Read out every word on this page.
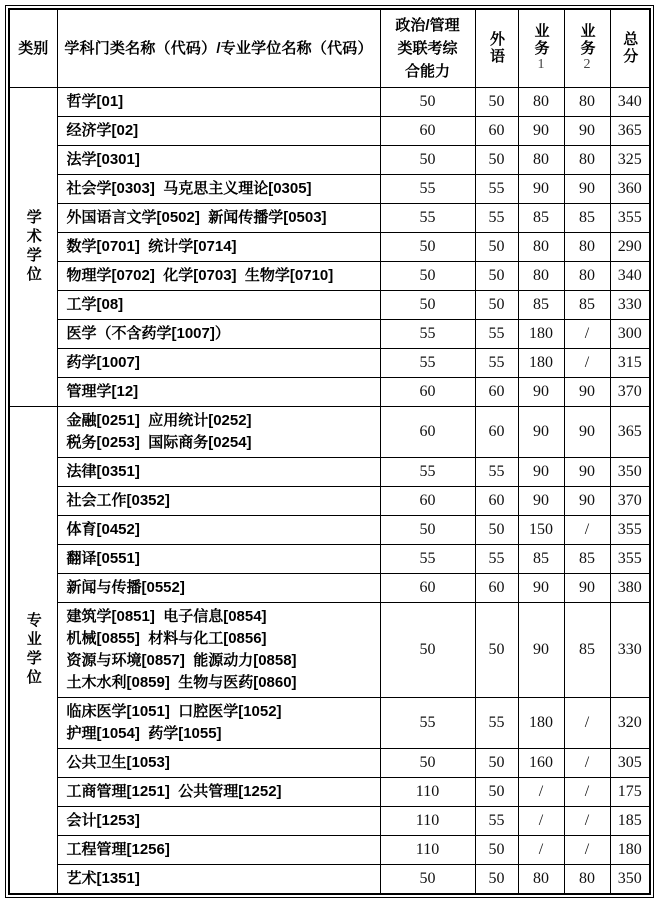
类别	学科门类名称（代码）/专业学位名称（代码）	政治/管理
类联考综
合能力	外语	业务1	业务2	总分

学术学位	哲学[01]	50	50	80	80	340
	经济学[02]	60	60	90	90	365
	法学[0301]	50	50	80	80	325
	社会学[0303]  马克思主义理论[0305]	55	55	90	90	360
	外国语言文学[0502]  新闻传播学[0503]	55	55	85	85	355
	数学[0701]  统计学[0714]	50	50	80	80	290
	物理学[0702]  化学[0703]  生物学[0710]	50	50	80	80	340
	工学[08]	50	50	85	85	330
	医学（不含药学[1007]）	55	55	180	/	300
	药学[1007]	55	55	180	/	315
	管理学[12]	60	60	90	90	370

专业学位	金融[0251]  应用统计[0252]
税务[0253]  国际商务[0254]	60	60	90	90	365
	法律[0351]	55	55	90	90	350
	社会工作[0352]	60	60	90	90	370
	体育[0452]	50	50	150	/	355
	翻译[0551]	55	55	85	85	355
	新闻与传播[0552]	60	60	90	90	380
	建筑学[0851]  电子信息[0854]
机械[0855]  材料与化工[0856]
资源与环境[0857]  能源动力[0858]
土木水利[0859]  生物与医药[0860]	50	50	90	85	330
	临床医学[1051]  口腔医学[1052]
护理[1054]  药学[1055]	55	55	180	/	320
	公共卫生[1053]	50	50	160	/	305
	工商管理[1251]  公共管理[1252]	110	50	/	/	175
	会计[1253]	110	55	/	/	185
	工程管理[1256]	110	50	/	/	180
	艺术[1351]	50	50	80	80	350
